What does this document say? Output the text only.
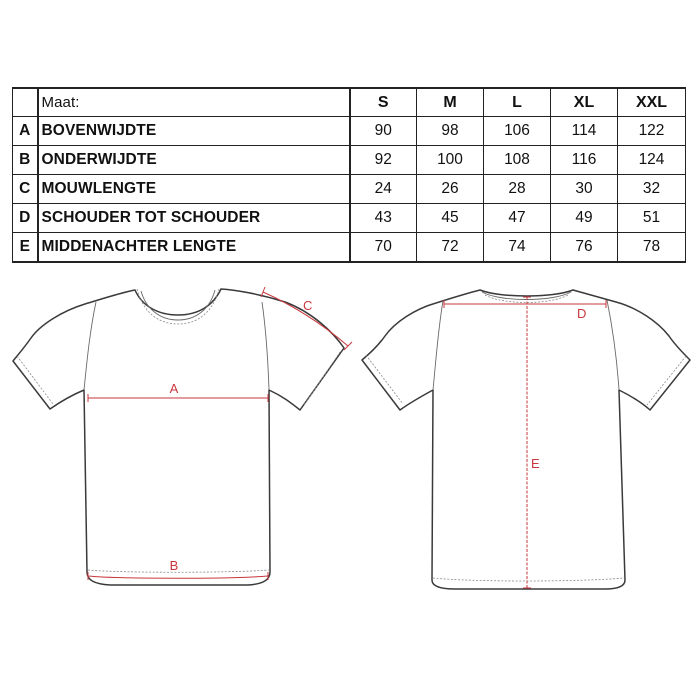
	Maat:	S	M	L	XL	XXL
A	BOVENWIJDTE	90	98	106	114	122
B	ONDERWIJDTE	92	100	108	116	124
C	MOUWLENGTE	24	26	28	30	32
D	SCHOUDER TOT SCHOUDER	43	45	47	49	51
E	MIDDENACHTER LENGTE	70	72	74	76	78
A
B
C
D
E
